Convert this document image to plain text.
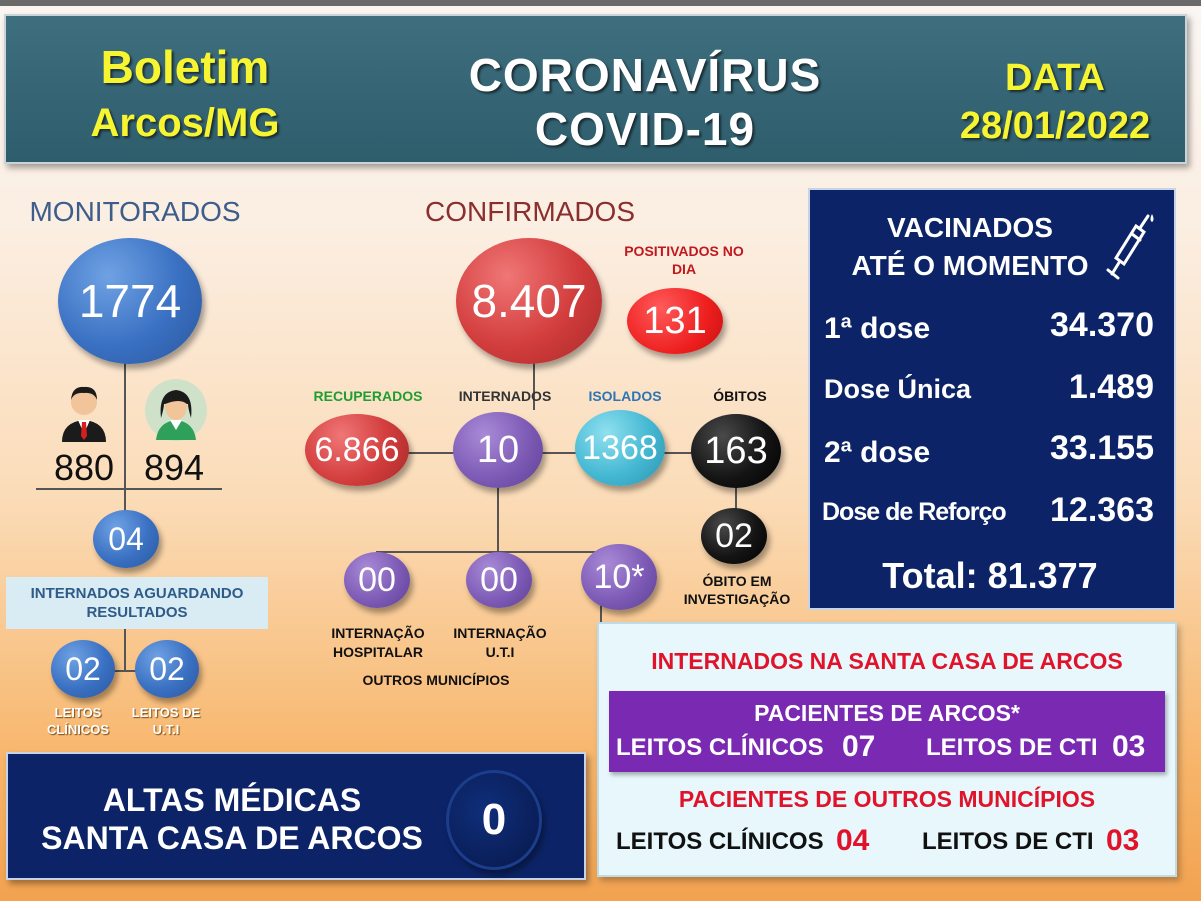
Boletim
Arcos/MG
CORONAVÍRUS
COVID-19
DATA
28/01/2022
MONITORADOS
1774
880 894
04
INTERNADOS AGUARDANDO RESULTADOS
02 02
LEITOS CLÍNICOS
LEITOS DE U.T.I
CONFIRMADOS
8.407
POSITIVADOS NO DIA
131
RECUPERADOS	INTERNADOS	ISOLADOS	ÓBITOS
6.866 10 1368 163
02
ÓBITO EM INVESTIGAÇÃO
00 00 10*
INTERNAÇÃO HOSPITALAR
INTERNAÇÃO U.T.I
OUTROS MUNICÍPIOS
VACINADOS
ATÉ O MOMENTO
1ª dose	34.370
Dose Única	1.489
2ª dose	33.155
Dose de Reforço	12.363
Total: 81.377
INTERNADOS NA SANTA CASA DE ARCOS
PACIENTES DE ARCOS*
LEITOS CLÍNICOS 07 LEITOS DE CTI 03
PACIENTES DE OUTROS MUNICÍPIOS
LEITOS CLÍNICOS 04 LEITOS DE CTI 03
ALTAS MÉDICAS
SANTA CASA DE ARCOS 0
